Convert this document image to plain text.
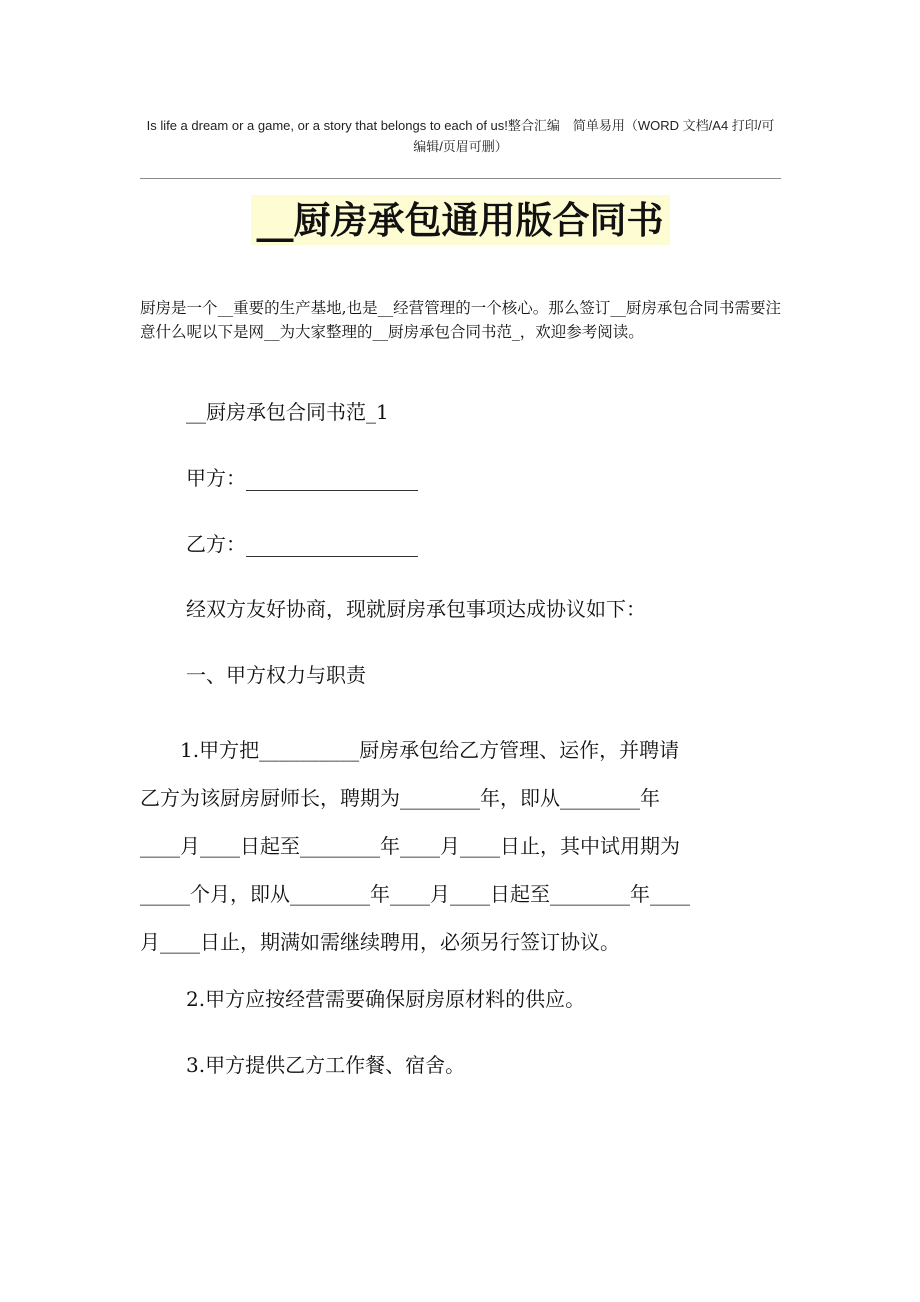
Is life a dream or a game, or a story that belongs to each of us!整合汇编　简单易用（WORD 文档/A4 打印/可
编辑/页眉可删）
__厨房承包通用版合同书
厨房是一个__重要的生产基地,也是__经营管理的一个核心。那么签订__厨房承包合同书需要注意什么呢以下是网__为大家整理的__厨房承包合同书范_，欢迎参考阅读。
__厨房承包合同书范_1
甲方：
乙方：
经双方友好协商，现就厨房承包事项达成协议如下：
一、甲方权力与职责
　　1.甲方把__________厨房承包给乙方管理、运作，并聘请
乙方为该厨房厨师长，聘期为________年，即从________年
____月____日起至________年____月____日止，其中试用期为
_____个月，即从________年____月____日起至________年____
月____日止，期满如需继续聘用，必须另行签订协议。
2.甲方应按经营需要确保厨房原材料的供应。
3.甲方提供乙方工作餐、宿舍。
